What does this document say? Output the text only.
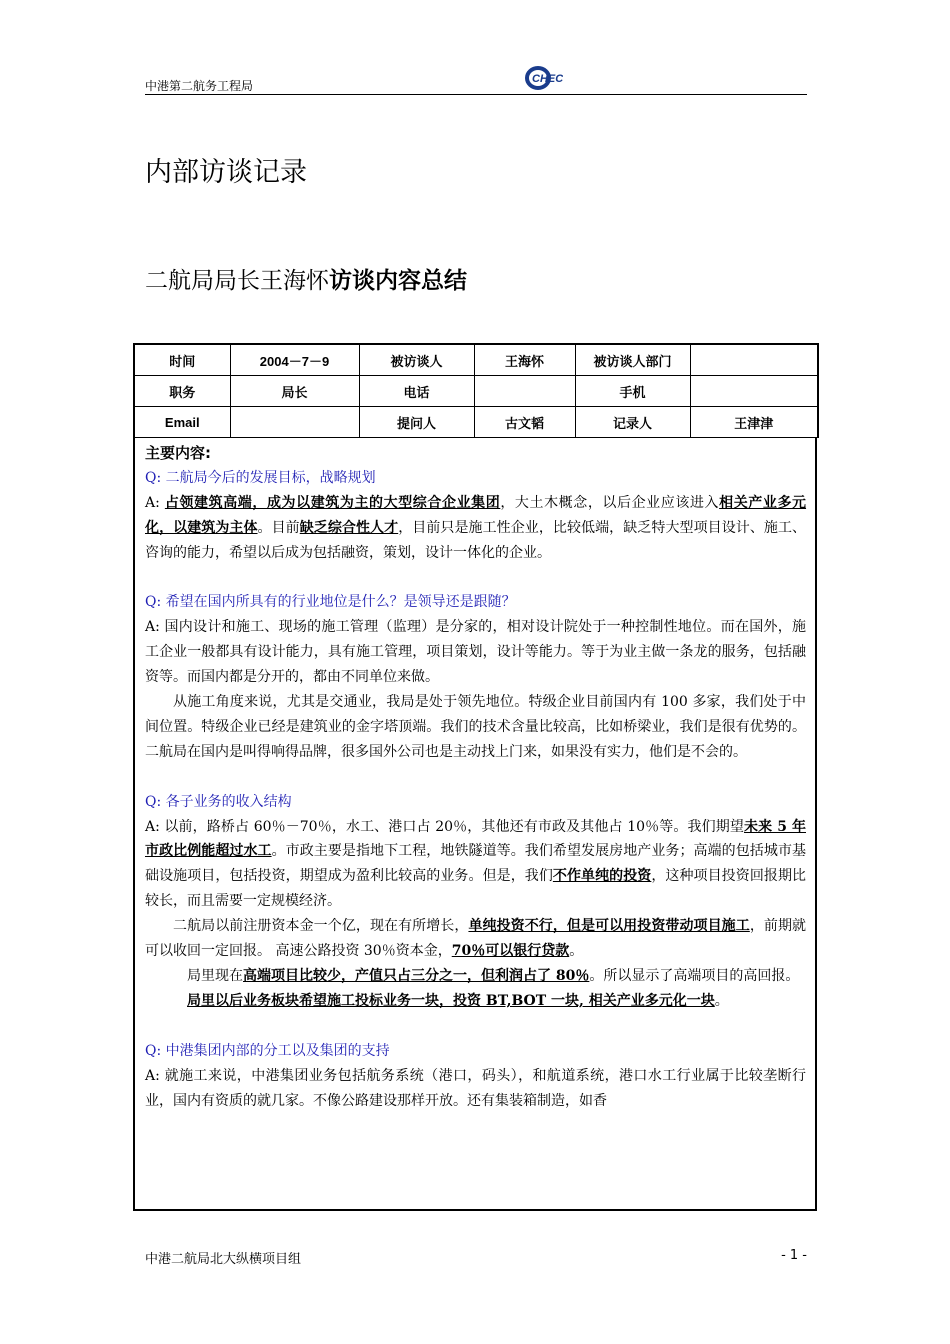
中港第二航务工程局	CHEC
内部访谈记录
二航局局长王海怀访谈内容总结
时间	2004－7－9	被访谈人	王海怀	被访谈人部门	
职务	局长	电话		手机	
Email		提问人	古文韬	记录人	王津津
主要内容:

Q: 二航局今后的发展目标，战略规划

A: 占领建筑高端，成为以建筑为主的大型综合企业集团，大土木概念，以后企业应该进入相关产业多元化，以建筑为主体。目前缺乏综合性人才，目前只是施工性企业，比较低端，缺乏特大型项目设计、施工、咨询的能力，希望以后成为包括融资，策划，设计一体化的企业。

Q: 希望在国内所具有的行业地位是什么？是领导还是跟随？

A: 国内设计和施工、现场的施工管理（监理）是分家的，相对设计院处于一种控制性地位。而在国外，施工企业一般都具有设计能力，具有施工管理，项目策划，设计等能力。等于为业主做一条龙的服务，包括融资等。而国内都是分开的，都由不同单位来做。

从施工角度来说，尤其是交通业，我局是处于领先地位。特级企业目前国内有 100 多家，我们处于中间位置。特级企业已经是建筑业的金字塔顶端。我们的技术含量比较高，比如桥梁业，我们是很有优势的。二航局在国内是叫得响得品牌，很多国外公司也是主动找上门来，如果没有实力，他们是不会的。

Q: 各子业务的收入结构

A: 以前，路桥占 60％－70％，水工、港口占 20％，其他还有市政及其他占 10％等。我们期望未来 5 年市政比例能超过水工。市政主要是指地下工程，地铁隧道等。我们希望发展房地产业务；高端的包括城市基础设施项目，包括投资，期望成为盈利比较高的业务。但是，我们不作单纯的投资，这种项目投资回报期比较长，而且需要一定规模经济。

二航局以前注册资本金一个亿，现在有所增长，单纯投资不行，但是可以用投资带动项目施工，前期就可以收回一定回报。 高速公路投资 30％资本金，70％可以银行贷款。

局里现在高端项目比较少，产值只占三分之一，但利润占了 80％。所以显示了高端项目的高回报。

局里以后业务板块希望施工投标业务一块，投资 BT,BOT 一块, 相关产业多元化一块。

Q: 中港集团内部的分工以及集团的支持

A: 就施工来说，中港集团业务包括航务系统（港口，码头），和航道系统，港口水工行业属于比较垄断行业，国内有资质的就几家。不像公路建设那样开放。还有集装箱制造，如香

中港二航局北大纵横项目组	- 1 -
